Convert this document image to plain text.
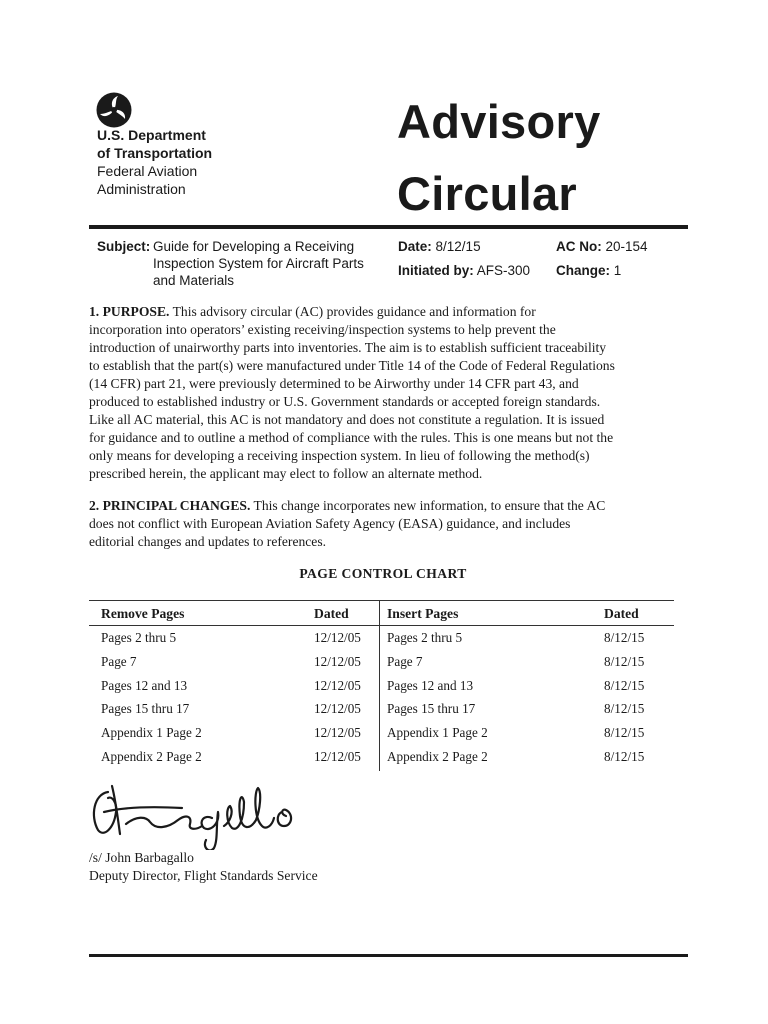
U.S. Department
of Transportation
Federal Aviation
Administration
Advisory
Circular
Subject: Guide for Developing a Receiving
Inspection System for Aircraft Parts
and Materials
Date: 8/12/15
Initiated by: AFS-300
AC No: 20-154
Change: 1
1. PURPOSE. This advisory circular (AC) provides guidance and information for
incorporation into operators’ existing receiving/inspection systems to help prevent the
introduction of unairworthy parts into inventories. The aim is to establish sufficient traceability
to establish that the part(s) were manufactured under Title 14 of the Code of Federal Regulations
(14 CFR) part 21, were previously determined to be Airworthy under 14 CFR part 43, and
produced to established industry or U.S. Government standards or accepted foreign standards.
Like all AC material, this AC is not mandatory and does not constitute a regulation. It is issued
for guidance and to outline a method of compliance with the rules. This is one means but not the
only means for developing a receiving inspection system. In lieu of following the method(s)
prescribed herein, the applicant may elect to follow an alternate method.
2. PRINCIPAL CHANGES. This change incorporates new information, to ensure that the AC
does not conflict with European Aviation Safety Agency (EASA) guidance, and includes
editorial changes and updates to references.
PAGE CONTROL CHART
Remove Pages	Dated	Insert Pages	Dated
Pages 2 thru 5	12/12/05 Pages 2 thru 5	8/12/15
Page 7	12/12/05 Page 7	8/12/15
Pages 12 and 13	12/12/05 Pages 12 and 13	8/12/15
Pages 15 thru 17	12/12/05 Pages 15 thru 17	8/12/15
Appendix 1 Page 2	12/12/05 Appendix 1 Page 2	8/12/15
Appendix 2 Page 2	12/12/05 Appendix 2 Page 2	8/12/15
/s/ John Barbagallo
Deputy Director, Flight Standards Service
